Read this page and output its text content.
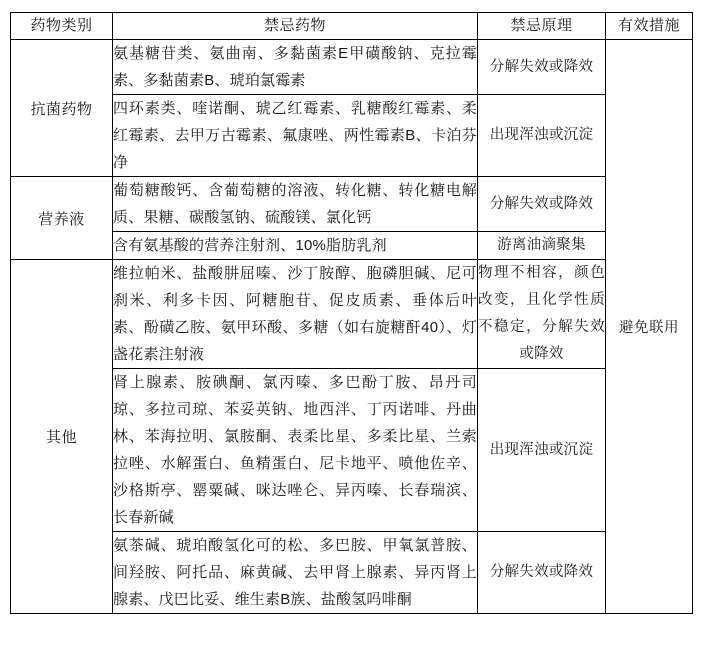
药物类别	禁忌药物	禁忌原理	有效措施
抗菌药物	氨基糖苷类、氨曲南、多黏菌素E甲磺酸钠、克拉霉素、多黏菌素B、琥珀氯霉素	分解失效或降效	避免联用
	四环素类、喹诺酮、琥乙红霉素、乳糖酸红霉素、柔红霉素、去甲万古霉素、氟康唑、两性霉素B、卡泊芬净	出现浑浊或沉淀	
营养液	葡萄糖酸钙、含葡萄糖的溶液、转化糖、转化糖电解质、果糖、碳酸氢钠、硫酸镁、氯化钙	分解失效或降效	
	含有氨基酸的营养注射剂、10%脂肪乳剂	游离油滴聚集	
其他	维拉帕米、盐酸肼屈嗪、沙丁胺醇、胞磷胆碱、尼可刹米、利多卡因、阿糖胞苷、促皮质素、垂体后叶素、酚磺乙胺、氨甲环酸、多糖（如右旋糖酐40）、灯盏花素注射液	物理不相容，颜色改变，且化学性质不稳定，分解失效或降效	
	肾上腺素、胺碘酮、氯丙嗪、多巴酚丁胺、昂丹司琼、多拉司琼、苯妥英钠、地西泮、丁丙诺啡、丹曲林、苯海拉明、氯胺酮、表柔比星、多柔比星、兰索拉唑、水解蛋白、鱼精蛋白、尼卡地平、喷他佐辛、沙格斯亭、罂粟碱、咪达唑仑、异丙嗪、长春瑞滨、长春新碱	出现浑浊或沉淀	
	氨茶碱、琥珀酸氢化可的松、多巴胺、甲氧氯普胺、间羟胺、阿托品、麻黄碱、去甲肾上腺素、异丙肾上腺素、戊巴比妥、维生素B族、盐酸氢吗啡酮	分解失效或降效	
